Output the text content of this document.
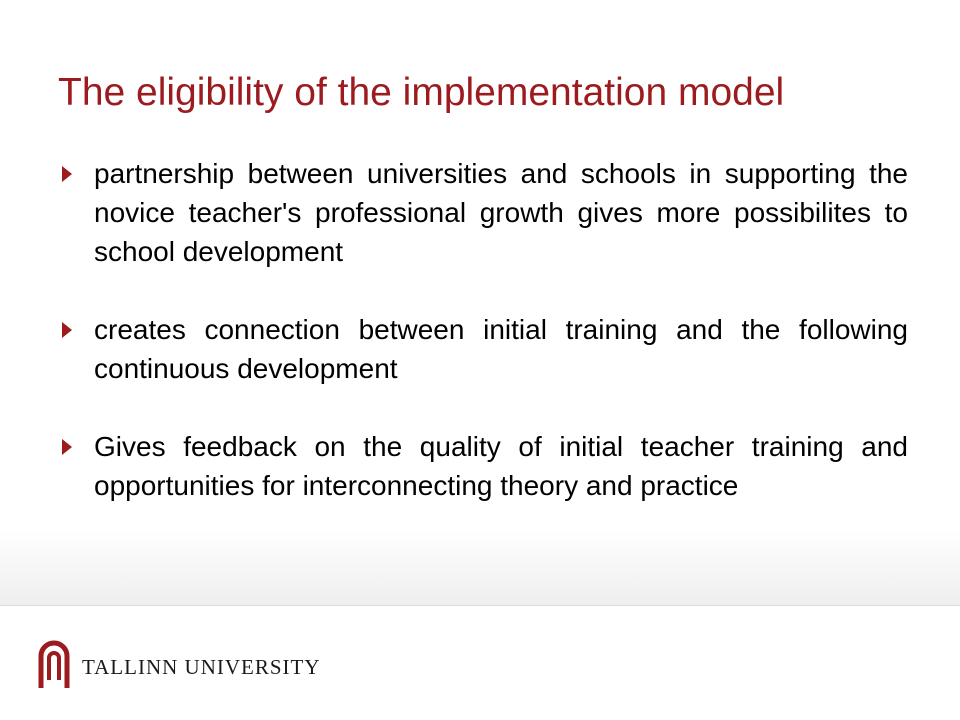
The eligibility of the implementation model
partnership between universities and schools in supporting the novice teacher's professional growth gives more possibilites to school development
creates connection between initial training and the following continuous development
Gives feedback on the quality of initial teacher training and opportunities for interconnecting theory and practice
TALLINN UNIVERSITY
